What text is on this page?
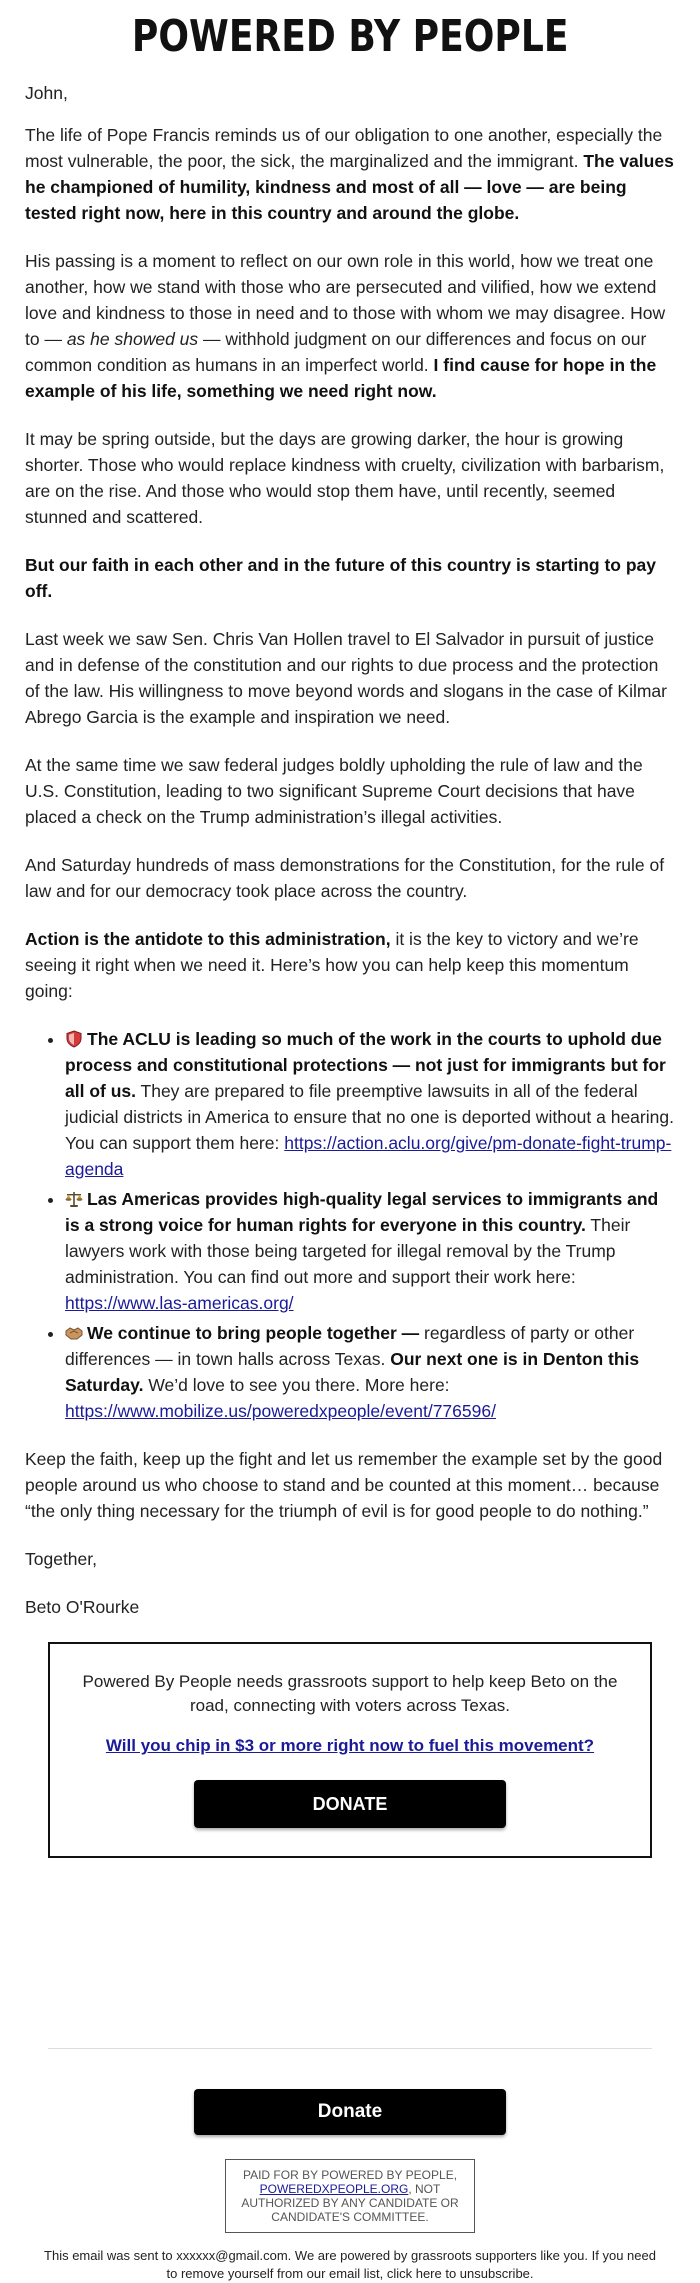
POWERED BY PEOPLE

John,

The life of Pope Francis reminds us of our obligation to one another, especially the most vulnerable, the poor, the sick, the marginalized and the immigrant. The values he championed of humility, kindness and most of all — love — are being tested right now, here in this country and around the globe.

His passing is a moment to reflect on our own role in this world, how we treat one another, how we stand with those who are persecuted and vilified, how we extend love and kindness to those in need and to those with whom we may disagree. How to — as he showed us — withhold judgment on our differences and focus on our common condition as humans in an imperfect world. I find cause for hope in the example of his life, something we need right now.

It may be spring outside, but the days are growing darker, the hour is growing shorter. Those who would replace kindness with cruelty, civilization with barbarism, are on the rise. And those who would stop them have, until recently, seemed stunned and scattered.

But our faith in each other and in the future of this country is starting to pay off.

Last week we saw Sen. Chris Van Hollen travel to El Salvador in pursuit of justice and in defense of the constitution and our rights to due process and the protection of the law. His willingness to move beyond words and slogans in the case of Kilmar Abrego Garcia is the example and inspiration we need.

At the same time we saw federal judges boldly upholding the rule of law and the U.S. Constitution, leading to two significant Supreme Court decisions that have placed a check on the Trump administration’s illegal activities.

And Saturday hundreds of mass demonstrations for the Constitution, for the rule of law and for our democracy took place across the country.

Action is the antidote to this administration, it is the key to victory and we’re seeing it right when we need it. Here’s how you can help keep this momentum going:

• The ACLU is leading so much of the work in the courts to uphold due process and constitutional protections — not just for immigrants but for all of us. They are prepared to file preemptive lawsuits in all of the federal judicial districts in America to ensure that no one is deported without a hearing. You can support them here: https://action.aclu.org/give/pm-donate-fight-trump-agenda
• Las Americas provides high-quality legal services to immigrants and is a strong voice for human rights for everyone in this country. Their lawyers work with those being targeted for illegal removal by the Trump administration. You can find out more and support their work here: https://www.las-americas.org/
• We continue to bring people together — regardless of party or other differences — in town halls across Texas. Our next one is in Denton this Saturday. We’d love to see you there. More here: https://www.mobilize.us/poweredxpeople/event/776596/

Keep the faith, keep up the fight and let us remember the example set by the good people around us who choose to stand and be counted at this moment… because “the only thing necessary for the triumph of evil is for good people to do nothing.”

Together,

Beto O'Rourke

Powered By People needs grassroots support to help keep Beto on the road, connecting with voters across Texas.
Will you chip in $3 or more right now to fuel this movement?
DONATE
Donate
PAID FOR BY POWERED BY PEOPLE, POWEREDXPEOPLE.ORG, NOT AUTHORIZED BY ANY CANDIDATE OR CANDIDATE'S COMMITTEE.
This email was sent to xxxxxx@gmail.com. We are powered by grassroots supporters like you. If you need to remove yourself from our email list, click here to unsubscribe.
